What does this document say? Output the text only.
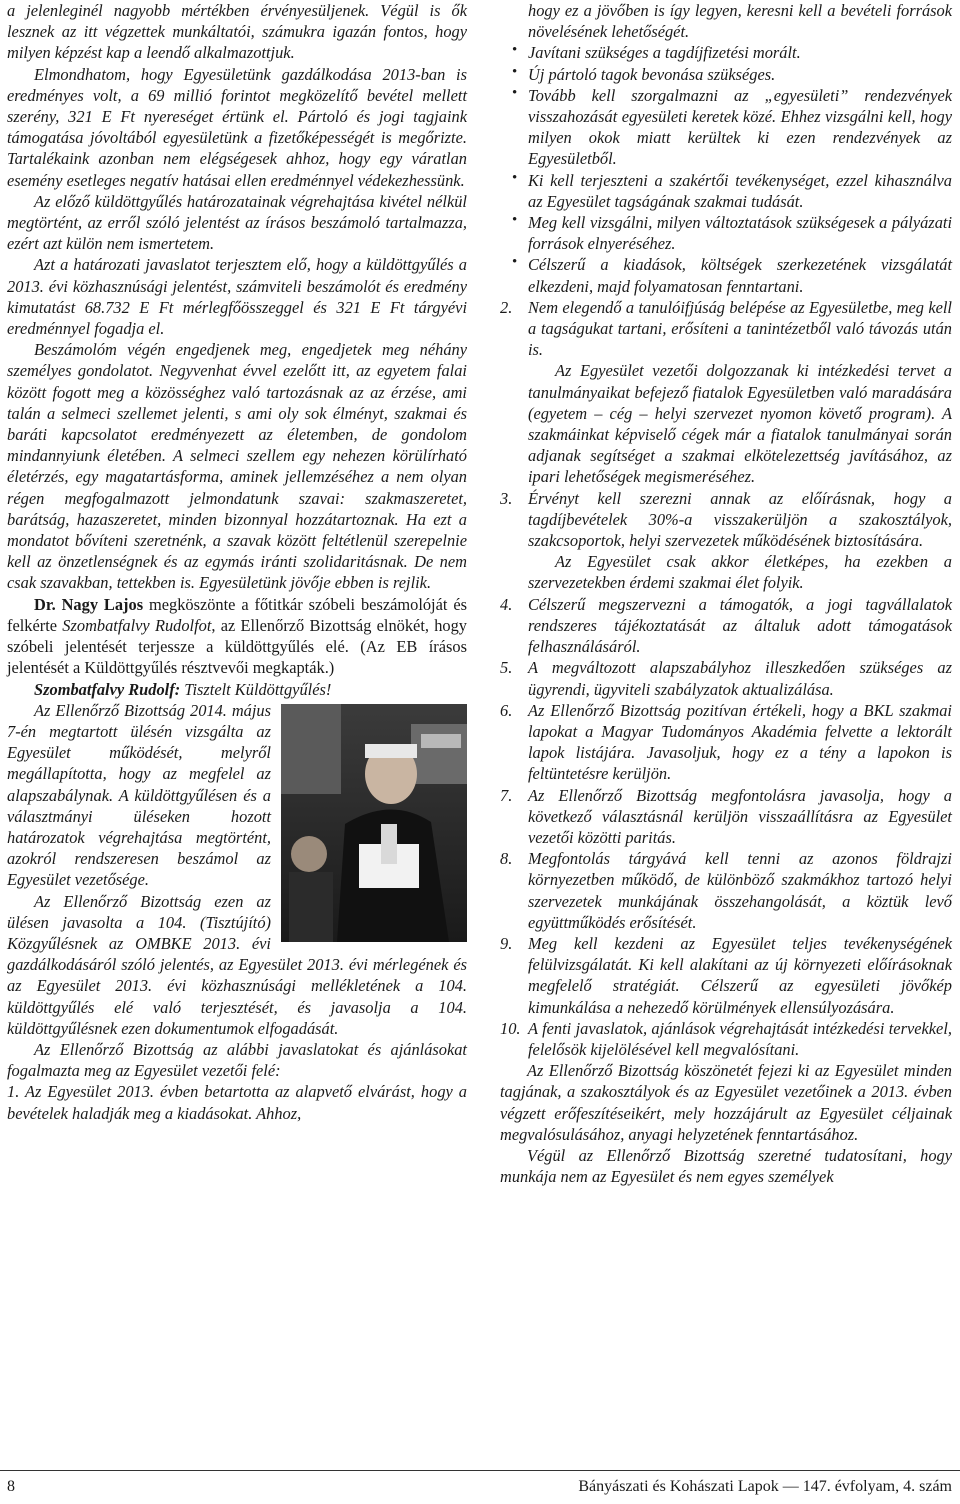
a jelenleginél nagyobb mértékben érvényesüljenek. Végül is ők lesznek az itt végzettek munkáltatói, számukra igazán fontos, hogy milyen képzést kap a leendő alkalmazottjuk.

Elmondhatom, hogy Egyesületünk gazdálkodása 2013-ban is eredményes volt, a 69 millió forintot megközelítő bevétel mellett szerény, 321 E Ft nyereséget értünk el. Pártoló és jogi tagjaink támogatása jóvoltából egyesületünk a fizetőképességét is megőrizte. Tartalékaink azonban nem elégségesek ahhoz, hogy egy váratlan esemény esetleges negatív hatásai ellen eredménnyel védekezhessünk.

Az előző küldöttgyűlés határozatainak végrehajtása kivétel nélkül megtörtént, az erről szóló jelentést az írásos beszámoló tartalmazza, ezért azt külön nem ismertetem.

Azt a határozati javaslatot terjesztem elő, hogy a küldöttgyűlés a 2013. évi közhasznúsági jelentést, számviteli beszámolót és eredmény kimutatást 68.732 E Ft mérlegfőösszeggel és 321 E Ft tárgyévi eredménnyel fogadja el.

Beszámolóm végén engedjenek meg, engedjetek meg néhány személyes gondolatot. Negyvenhat évvel ezelőtt itt, az egyetem falai között fogott meg a közösséghez való tartozásnak az az érzése, ami talán a selmeci szellemet jelenti, s ami oly sok élményt, szakmai és baráti kapcsolatot eredményezett az életemben, de gondolom mindannyiunk életében. A selmeci szellem egy nehezen körülírható életérzés, egy magatartásforma, aminek jellemzéséhez a nem olyan régen megfogalmazott jelmondatunk szavai: szakmaszeretet, barátság, hazaszeretet, minden bizonnyal hozzátartoznak. Ha ezt a mondatot bővíteni szeretnénk, a szavak között feltétlenül szerepelnie kell az önzetlenségnek és az egymás iránti szolidaritásnak. De nem csak szavakban, tettekben is. Egyesületünk jövője ebben is rejlik.

Dr. Nagy Lajos megköszönte a főtitkár szóbeli beszámolóját és felkérte Szombatfalvy Rudolfot, az Ellenőrző Bizottság elnökét, hogy szóbeli jelentését terjessze a küldöttgyűlés elé. (Az EB írásos jelentését a Küldöttgyűlés résztvevői megkapták.)

Szombatfalvy Rudolf: Tisztelt Küldöttgyűlés!

Az Ellenőrző Bizottság 2014. május 7-én megtartott ülésén vizsgálta az Egyesület működését, melyről megállapította, hogy az megfelel az alapszabálynak. A küldöttgyűlésen és a választmányi üléseken hozott határozatok végrehajtása megtörtént, azokról rendszeresen beszámol az Egyesület vezetősége.

Az Ellenőrző Bizottság ezen az ülésen javasolta a 104. (Tisztújító) Közgyűlésnek az OMBKE 2013. évi gazdálkodásáról szóló jelentés, az Egyesület 2013. évi mérlegének és az Egyesület 2013. évi közhasznúsági mellékletének a 104. küldöttgyűlés elé való terjesztését, és javasolja a 104. küldöttgyűlésnek ezen dokumentumok elfogadását.

Az Ellenőrző Bizottság az alábbi javaslatokat és ajánlásokat fogalmazta meg az Egyesület vezetői felé:

1. Az Egyesület 2013. évben betartotta az alapvető elvárást, hogy a bevételek haladják meg a kiadásokat. Ahhoz,

hogy ez a jövőben is így legyen, keresni kell a bevételi források növelésének lehetőségét.

• Javítani szükséges a tagdíjfizetési morált.

• Új pártoló tagok bevonása szükséges.

• Tovább kell szorgalmazni az „egyesületi” rendezvények visszahozását egyesületi keretek közé. Ehhez vizsgálni kell, hogy milyen okok miatt kerültek ki ezen rendezvények az Egyesületből.

• Ki kell terjeszteni a szakértői tevékenységet, ezzel kihasználva az Egyesület tagságának szakmai tudását.

• Meg kell vizsgálni, milyen változtatások szükségesek a pályázati források elnyeréséhez.

• Célszerű a kiadások, költségek szerkezetének vizsgálatát elkezdeni, majd folyamatosan fenntartani.

2. Nem elegendő a tanulóifjúság belépése az Egyesületbe, meg kell a tagságukat tartani, erősíteni a tanintézetből való távozás után is.

Az Egyesület vezetői dolgozzanak ki intézkedési tervet a tanulmányaikat befejező fiatalok Egyesületben való maradására (egyetem – cég – helyi szervezet nyomon követő program). A szakmáinkat képviselő cégek már a fiatalok tanulmányai során adjanak segítséget a szakmai elkötelezettség javításához, az ipari lehetőségek megismeréséhez.

3. Érvényt kell szerezni annak az előírásnak, hogy a tagdíjbevételek 30%-a visszakerüljön a szakosztályok, szakcsoportok, helyi szervezetek működésének biztosítására.

Az Egyesület csak akkor életképes, ha ezekben a szervezetekben érdemi szakmai élet folyik.

4. Célszerű megszervezni a támogatók, a jogi tagvállalatok rendszeres tájékoztatását az általuk adott támogatások felhasználásáról.

5. A megváltozott alapszabályhoz illeszkedően szükséges az ügyrendi, ügyviteli szabályzatok aktualizálása.

6. Az Ellenőrző Bizottság pozitívan értékeli, hogy a BKL szakmai lapokat a Magyar Tudományos Akadémia felvette a lektorált lapok listájára. Javasoljuk, hogy ez a tény a lapokon is feltüntetésre kerüljön.

7. Az Ellenőrző Bizottság megfontolásra javasolja, hogy a következő választásnál kerüljön visszaállításra az Egyesület vezetői közötti paritás.

8. Megfontolás tárgyává kell tenni az azonos földrajzi környezetben működő, de különböző szakmákhoz tartozó helyi szervezetek munkájának összehangolását, a köztük levő együttműködés erősítését.

9. Meg kell kezdeni az Egyesület teljes tevékenységének felülvizsgálatát. Ki kell alakítani az új környezeti előírásoknak megfelelő stratégiát. Célszerű az egyesületi jövőkép kimunkálása a nehezedő körülmények ellensúlyozására.

10. A fenti javaslatok, ajánlások végrehajtását intézkedési tervekkel, felelősök kijelölésével kell megvalósítani.

Az Ellenőrző Bizottság köszönetét fejezi ki az Egyesület minden tagjának, a szakosztályok és az Egyesület vezetőinek a 2013. évben végzett erőfeszítéseikért, mely hozzájárult az Egyesület céljainak megvalósulásához, anyagi helyzetének fenntartásához.

Végül az Ellenőrző Bizottság szeretné tudatosítani, hogy munkája nem az Egyesület és nem egyes személyek

8	Bányászati és Kohászati Lapok — 147. évfolyam, 4. szám
